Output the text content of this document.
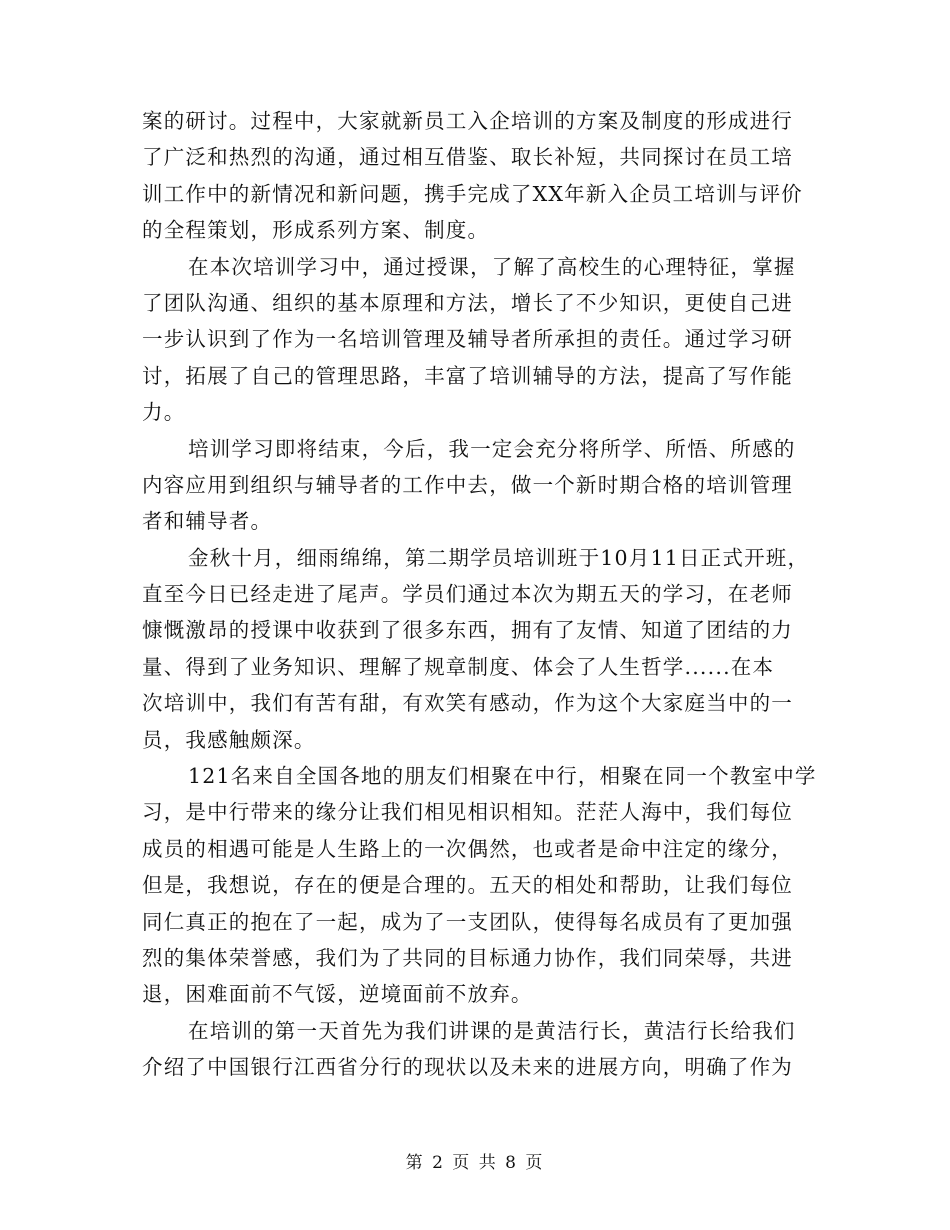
案的研讨。过程中，大家就新员工入企培训的方案及制度的形成进行
了广泛和热烈的沟通，通过相互借鉴、取长补短，共同探讨在员工培
训工作中的新情况和新问题，携手完成了XX年新入企员工培训与评价
的全程策划，形成系列方案、制度。
在本次培训学习中，通过授课，了解了高校生的心理特征，掌握
了团队沟通、组织的基本原理和方法，增长了不少知识，更使自己进
一步认识到了作为一名培训管理及辅导者所承担的责任。通过学习研
讨，拓展了自己的管理思路，丰富了培训辅导的方法，提高了写作能
力。
培训学习即将结束，今后，我一定会充分将所学、所悟、所感的
内容应用到组织与辅导者的工作中去，做一个新时期合格的培训管理
者和辅导者。
金秋十月，细雨绵绵，第二期学员培训班于10月11日正式开班，
直至今日已经走进了尾声。学员们通过本次为期五天的学习，在老师
慷慨激昂的授课中收获到了很多东西，拥有了友情、知道了团结的力
量、得到了业务知识、理解了规章制度、体会了人生哲学......在本
次培训中，我们有苦有甜，有欢笑有感动，作为这个大家庭当中的一
员，我感触颇深。
121名来自全国各地的朋友们相聚在中行，相聚在同一个教室中学
习，是中行带来的缘分让我们相见相识相知。茫茫人海中，我们每位
成员的相遇可能是人生路上的一次偶然，也或者是命中注定的缘分，
但是，我想说，存在的便是合理的。五天的相处和帮助，让我们每位
同仁真正的抱在了一起，成为了一支团队，使得每名成员有了更加强
烈的集体荣誉感，我们为了共同的目标通力协作，我们同荣辱，共进
退，困难面前不气馁，逆境面前不放弃。
在培训的第一天首先为我们讲课的是黄洁行长，黄洁行长给我们
介绍了中国银行江西省分行的现状以及未来的进展方向，明确了作为
第 2 页 共 8 页
